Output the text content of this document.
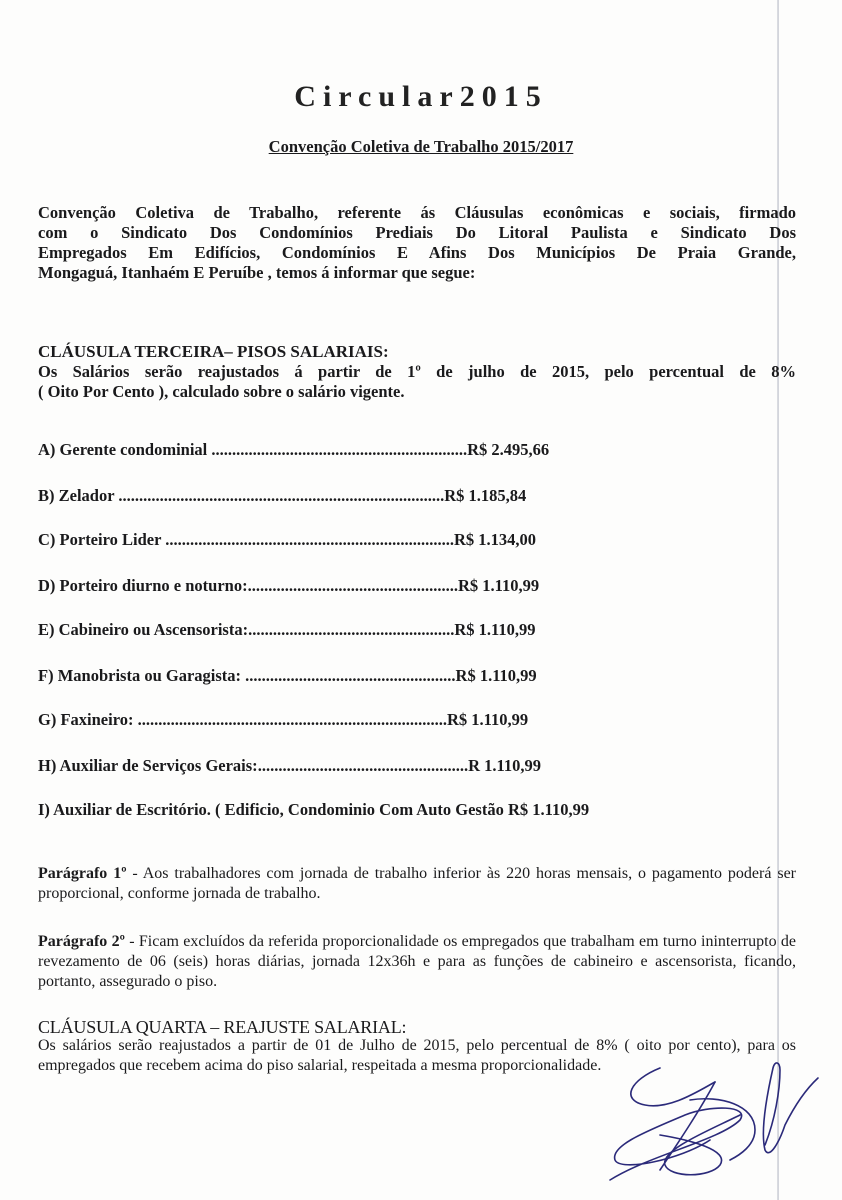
Circular2015
Convenção Coletiva de Trabalho 2015/2017
Convenção Coletiva de Trabalho, referente ás Cláusulas econômicas e sociais, firmado
com o Sindicato Dos Condomínios Prediais Do Litoral Paulista e Sindicato Dos
Empregados Em Edifícios, Condomínios E Afins Dos Municípios De Praia Grande,
Mongaguá, Itanhaém E Peruíbe , temos á informar que segue:
CLÁUSULA TERCEIRA– PISOS SALARIAIS:
Os Salários serão reajustados á partir de 1º de julho de 2015, pelo percentual de 8%
( Oito Por Cento ), calculado sobre o salário vigente.
A) Gerente condominial ..............................................................R$ 2.495,66
B) Zelador ...............................................................................R$ 1.185,84
C) Porteiro Lider ......................................................................R$ 1.134,00
D) Porteiro diurno e noturno:...................................................R$ 1.110,99
E) Cabineiro ou Ascensorista:..................................................R$ 1.110,99
F) Manobrista ou Garagista: ...................................................R$ 1.110,99
G) Faxineiro: ...........................................................................R$ 1.110,99
H) Auxiliar de Serviços Gerais:...................................................R 1.110,99
I) Auxiliar de Escritório. ( Edificio, Condominio Com Auto Gestão R$ 1.110,99
Parágrafo 1º - Aos trabalhadores com jornada de trabalho inferior às 220 horas mensais, o pagamento poderá ser proporcional, conforme jornada de trabalho.
Parágrafo 2º - Ficam excluídos da referida proporcionalidade os empregados que trabalham em turno ininterrupto de revezamento de 06 (seis) horas diárias, jornada 12x36h e para as funções de cabineiro e ascensorista, ficando, portanto, assegurado o piso.
CLÁUSULA QUARTA – REAJUSTE SALARIAL:
Os salários serão reajustados a partir de 01 de Julho de 2015, pelo percentual de 8% ( oito por cento), para os empregados que recebem acima do piso salarial, respeitada a mesma proporcionalidade.
